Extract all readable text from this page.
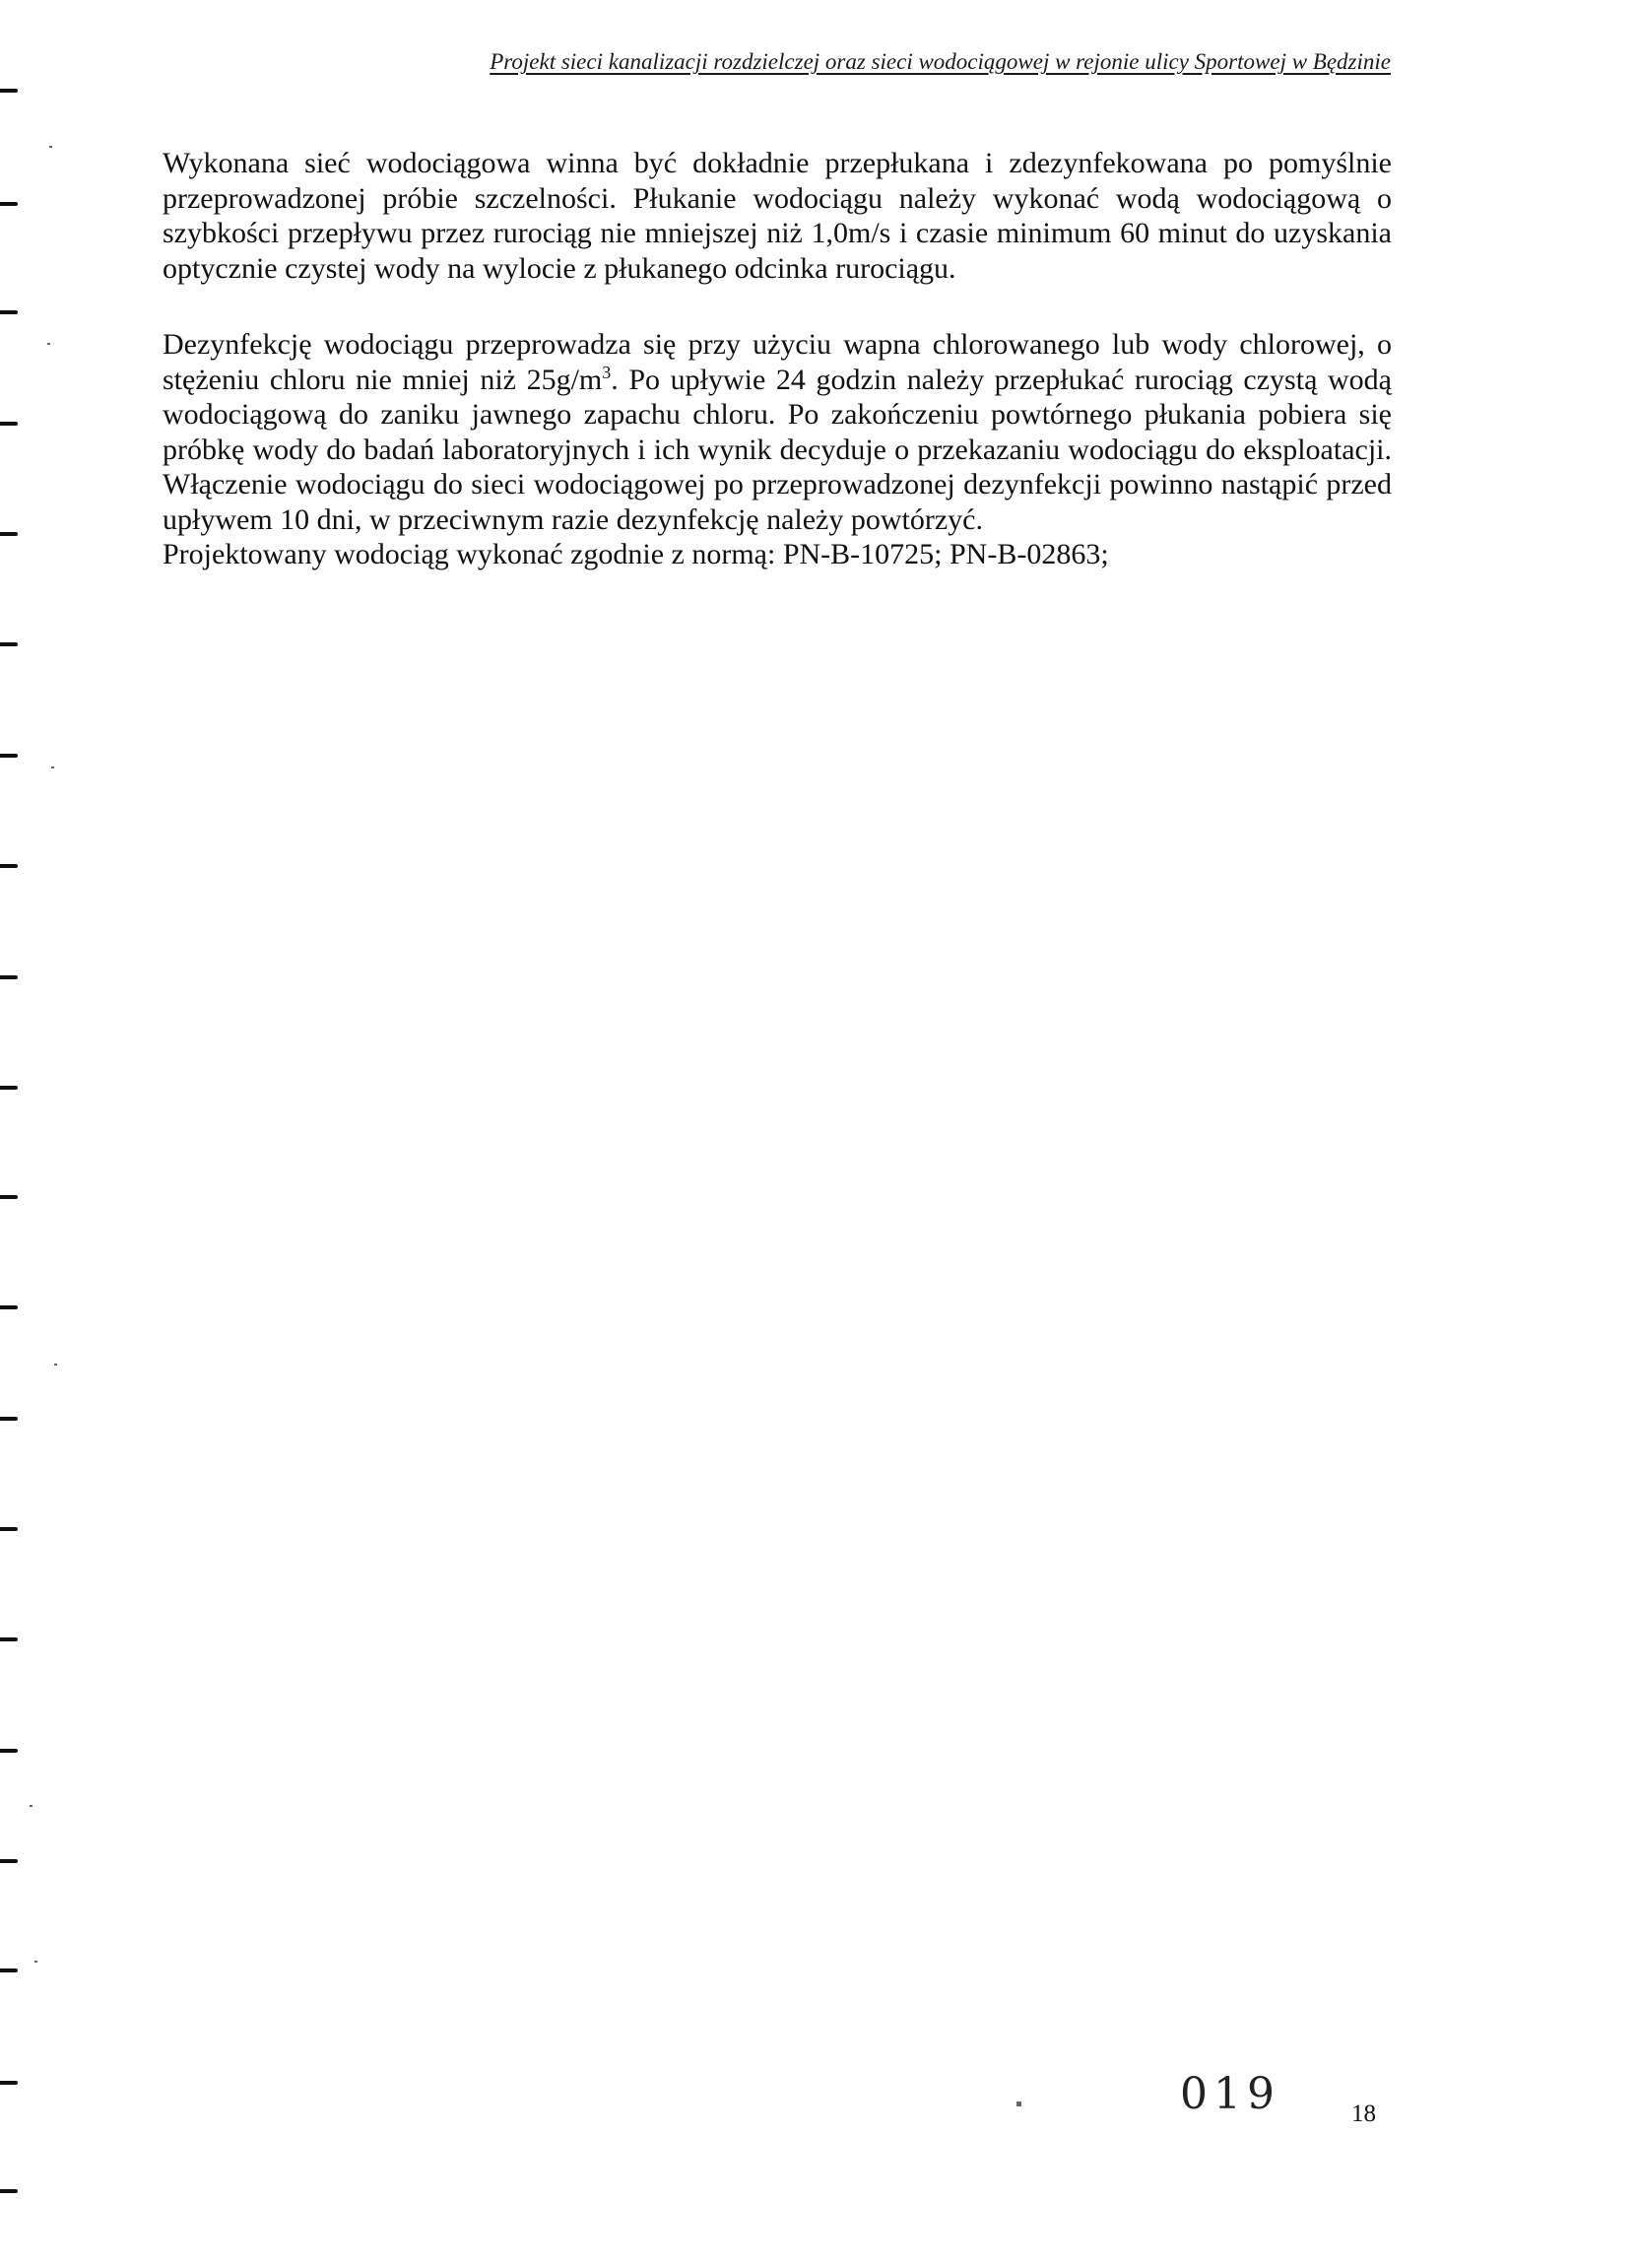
Projekt sieci kanalizacji rozdzielczej oraz sieci wodociągowej w rejonie ulicy Sportowej w Będzinie

Wykonana sieć wodociągowa winna być dokładnie przepłukana i zdezynfekowana po pomyślnie przeprowadzonej próbie szczelności. Płukanie wodociągu należy wykonać wodą wodociągową o szybkości przepływu przez rurociąg nie mniejszej niż 1,0m/s i czasie minimum 60 minut do uzyskania optycznie czystej wody na wylocie z płukanego odcinka rurociągu.

Dezynfekcję wodociągu przeprowadza się przy użyciu wapna chlorowanego lub wody chlorowej, o stężeniu chloru nie mniej niż $25g/m^3$. Po upływie 24 godzin należy przepłukać rurociąg czystą wodą wodociągową do zaniku jawnego zapachu chloru. Po zakończeniu powtórnego płukania pobiera się próbkę wody do badań laboratoryjnych i ich wynik decyduje o przekazaniu wodociągu do eksploatacji. Włączenie wodociągu do sieci wodociągowej po przeprowadzonej dezynfekcji powinno nastąpić przed upływem 10 dni, w przeciwnym razie dezynfekcję należy powtórzyć.

Projektowany wodociąg wykonać zgodnie z normą: PN-B-10725; PN-B-02863;

019	18
